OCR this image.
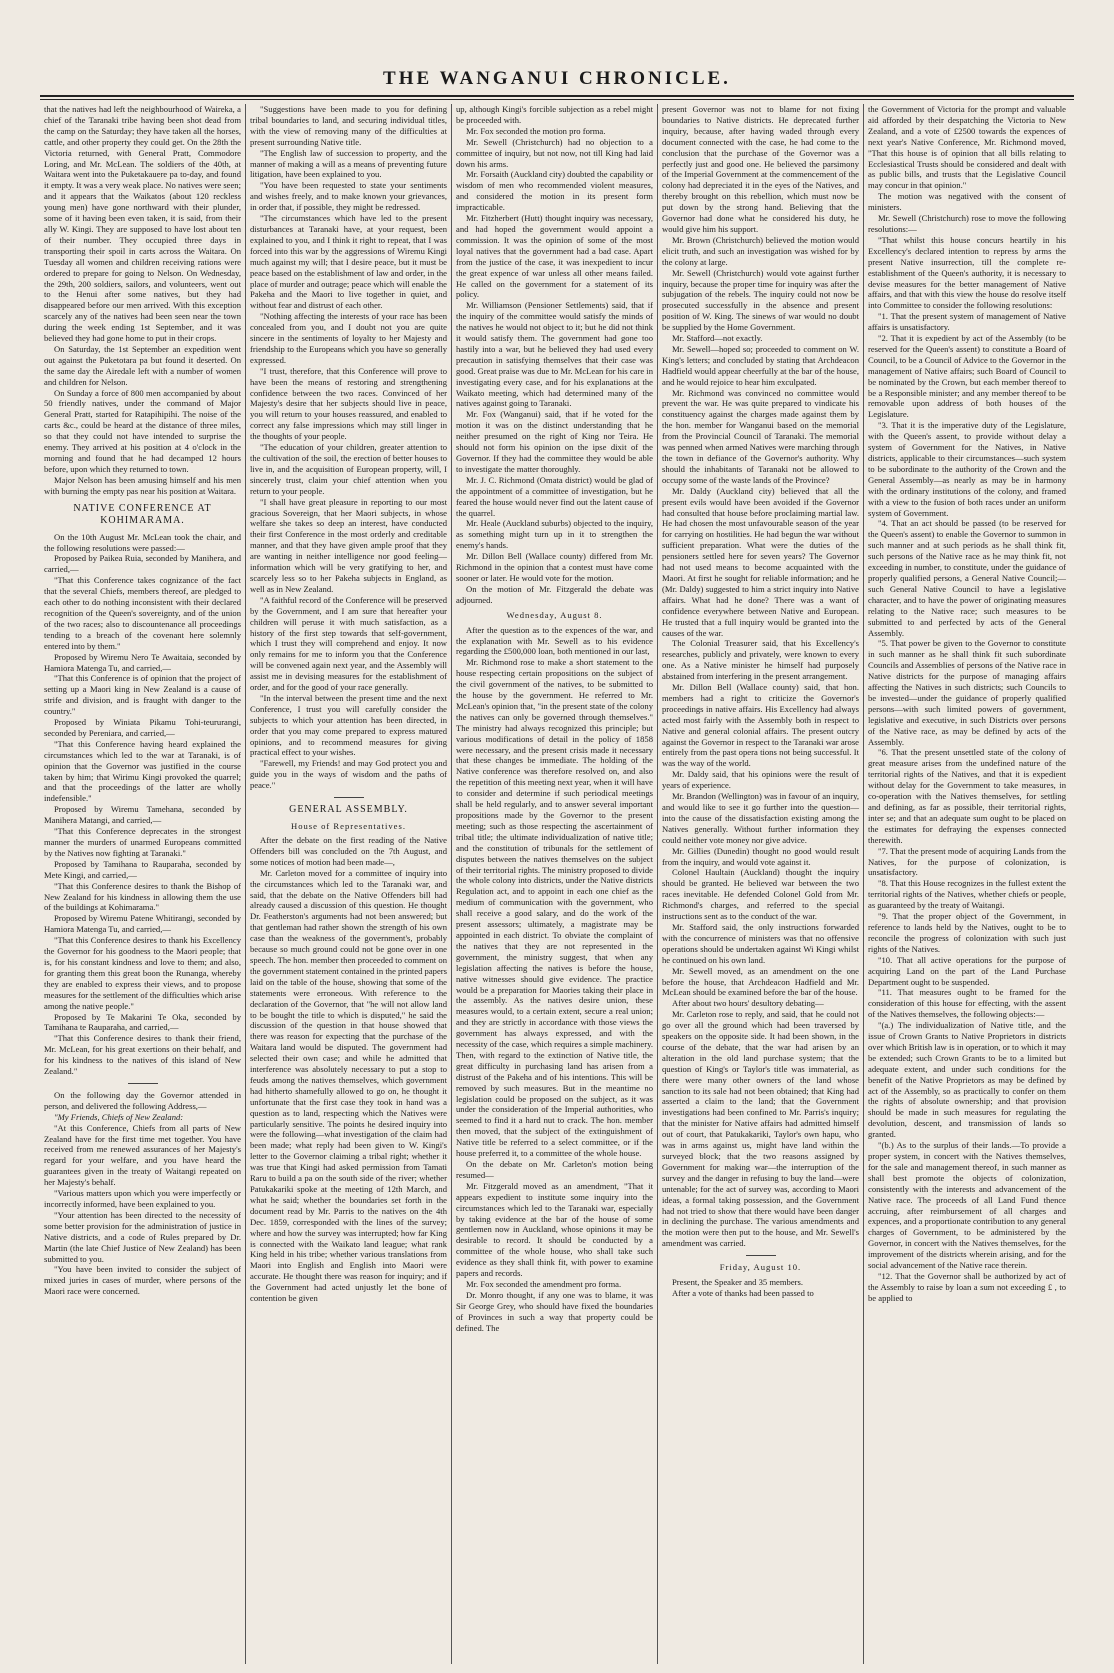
THE WANGANUI CHRONICLE.

that the natives had left the neighbourhood of Waireka, a chief of the Taranaki tribe having been shot dead from the camp on the Saturday; they have taken all the horses, cattle, and other property they could get. On the 28th the Victoria returned, with General Pratt, Commodore Loring, and Mr. McLean. The soldiers of the 40th, at Waitara went into the Puketakauere pa to-day, and found it empty. It was a very weak place. No natives were seen; and it appears that the Waikatos (about 120 reckless young men) have gone northward with their plunder, some of it having been even taken, it is said, from their ally W. Kingi. They are supposed to have lost about ten of their number. They occupied three days in transporting their spoil in carts across the Waitara. On Tuesday all women and children receiving rations were ordered to prepare for going to Nelson. On Wednesday, the 29th, 200 soldiers, sailors, and volunteers, went out to the Henui after some natives, but they had disappeared before our men arrived. With this exception scarcely any of the natives had been seen near the town during the week ending 1st September, and it was believed they had gone home to put in their crops.

On Saturday, the 1st September an expedition went out against the Puketotara pa but found it deserted. On the same day the Airedale left with a number of women and children for Nelson.

On Sunday a force of 800 men accompanied by about 50 friendly natives, under the command of Major General Pratt, started for Ratapihipihi. The noise of the carts &c., could be heard at the distance of three miles, so that they could not have intended to surprise the enemy. They arrived at his position at 4 o'clock in the morning and found that he had decamped 12 hours before, upon which they returned to town.

Major Nelson has been amusing himself and his men with burning the empty pas near his position at Waitara.

NATIVE CONFERENCE AT KOHIMARAMA.

On the 10th August Mr. McLean took the chair, and the following resolutions were passed:—

Proposed by Paikea Ruia, seconded by Manihera, and carried,—

"That this Conference takes cognizance of the fact that the several Chiefs, members thereof, are pledged to each other to do nothing inconsistent with their declared recognition of the Queen's sovereignty, and of the union of the two races; also to discountenance all proceedings tending to a breach of the covenant here solemnly entered into by them."

Proposed by Wiremu Nero Te Awaitaia, seconded by Hamiora Matenga Tu, and carried,—

"That this Conference is of opinion that the project of setting up a Maori king in New Zealand is a cause of strife and division, and is fraught with danger to the country."

Proposed by Winiata Pikamu Tohi-teururangi, seconded by Pereniara, and carried,—

"That this Conference having heard explained the circumstances which led to the war at Taranaki, is of opinion that the Governor was justified in the course taken by him; that Wirimu Kingi provoked the quarrel; and that the proceedings of the latter are wholly indefensible."

Proposed by Wiremu Tamehana, seconded by Manihera Matangi, and carried,—

"That this Conference deprecates in the strongest manner the murders of unarmed Europeans committed by the Natives now fighting at Taranaki."

Proposed by Tamihana to Rauparaha, seconded by Mete Kingi, and carried,—

"That this Conference desires to thank the Bishop of New Zealand for his kindness in allowing them the use of the buildings at Kohimarama."

Proposed by Wiremu Patene Whitirangi, seconded by Hamiora Matenga Tu, and carried,—

"That this Conference desires to thank his Excellency the Governor for his goodness to the Maori people; that is, for his constant kindness and love to them; and also, for granting them this great boon the Runanga, whereby they are enabled to express their views, and to propose measures for the settlement of the difficulties which arise among the native people."

Proposed by Te Makarini Te Oka, seconded by Tamihana te Rauparaha, and carried,—

"That this Conference desires to thank their friend, Mr. McLean, for his great exertions on their behalf, and for his kindness to the natives of this island of New Zealand."

On the following day the Governor attended in person, and delivered the following Address,—

"My Friends, Chiefs of New Zealand:

"At this Conference, Chiefs from all parts of New Zealand have for the first time met together. You have received from me renewed assurances of her Majesty's regard for your welfare, and you have heard the guarantees given in the treaty of Waitangi repeated on her Majesty's behalf.

"Various matters upon which you were imperfectly or incorrectly informed, have been explained to you.

"Your attention has been directed to the necessity of some better provision for the administration of justice in Native districts, and a code of Rules prepared by Dr. Martin (the late Chief Justice of New Zealand) has been submitted to you.

"You have been invited to consider the subject of mixed juries in cases of murder, where persons of the Maori race were concerned.

"Suggestions have been made to you for defining tribal boundaries to land, and securing individual titles, with the view of removing many of the difficulties at present surrounding Native title.

"The English law of succession to property, and the manner of making a will as a means of preventing future litigation, have been explained to you.

"You have been requested to state your sentiments and wishes freely, and to make known your grievances, in order that, if possible, they might be redressed.

"The circumstances which have led to the present disturbances at Taranaki have, at your request, been explained to you, and I think it right to repeat, that I was forced into this war by the aggressions of Wiremu Kingi much against my will; that I desire peace, but it must be peace based on the establishment of law and order, in the place of murder and outrage; peace which will enable the Pakeha and the Maori to live together in quiet, and without fear and distrust of each other.

"Nothing affecting the interests of your race has been concealed from you, and I doubt not you are quite sincere in the sentiments of loyalty to her Majesty and friendship to the Europeans which you have so generally expressed.

"I trust, therefore, that this Conference will prove to have been the means of restoring and strengthening confidence between the two races. Convinced of her Majesty's desire that her subjects should live in peace, you will return to your houses reassured, and enabled to correct any false impressions which may still linger in the thoughts of your people.

"The education of your children, greater attention to the cultivation of the soil, the erection of better houses to live in, and the acquisition of European property, will, I sincerely trust, claim your chief attention when you return to your people.

"I shall have great pleasure in reporting to our most gracious Sovereign, that her Maori subjects, in whose welfare she takes so deep an interest, have conducted their first Conference in the most orderly and creditable manner, and that they have given ample proof that they are wanting in neither intelligence nor good feeling—information which will be very gratifying to her, and scarcely less so to her Pakeha subjects in England, as well as in New Zealand.

"A faithful record of the Conference will be preserved by the Government, and I am sure that hereafter your children will peruse it with much satisfaction, as a history of the first step towards that self-government, which I trust they will comprehend and enjoy. It now only remains for me to inform you that the Conference will be convened again next year, and the Assembly will assist me in devising measures for the establishment of order, and for the good of your race generally.

"In the interval between the present time and the next Conference, I trust you will carefully consider the subjects to which your attention has been directed, in order that you may come prepared to express matured opinions, and to recommend measures for giving practical effect to your wishes.

"Farewell, my Friends! and may God protect you and guide you in the ways of wisdom and the paths of peace."

GENERAL ASSEMBLY.
House of Representatives.

After the debate on the first reading of the Native Offenders bill was concluded on the 7th August, and some notices of motion had been made—,

Mr. Carleton moved for a committee of inquiry into the circumstances which led to the Taranaki war, and said, that the debate on the Native Offenders bill had already caused a discussion of this question. He thought Dr. Featherston's arguments had not been answered; but that gentleman had rather shown the strength of his own case than the weakness of the government's, probably because so much ground could not be gone over in one speech. The hon. member then proceeded to comment on the government statement contained in the printed papers laid on the table of the house, showing that some of the statements were erroneous. With reference to the declaration of the Governor, that "he will not allow land to be bought the title to which is disputed," he said the discussion of the question in that house showed that there was reason for expecting that the purchase of the Waitara land would be disputed. The government had selected their own case; and while he admitted that interference was absolutely necessary to put a stop to feuds among the natives themselves, which government had hitherto shamefully allowed to go on, he thought it unfortunate that the first case they took in hand was a question as to land, respecting which the Natives were particularly sensitive. The points he desired inquiry into were the following—what investigation of the claim had been made; what reply had been given to W. Kingi's letter to the Governor claiming a tribal right; whether it was true that Kingi had asked permission from Tamati Raru to build a pa on the south side of the river; whether Patukakariki spoke at the meeting of 12th March, and what he said; whether the boundaries set forth in the document read by Mr. Parris to the natives on the 4th Dec. 1859, corresponded with the lines of the survey; where and how the survey was interrupted; how far King is connected with the Waikato land league; what rank King held in his tribe; whether various translations from Maori into English and English into Maori were accurate. He thought there was reason for inquiry; and if the Government had acted unjustly let the bone of contention be given

up, although Kingi's forcible subjection as a rebel might be proceeded with.

Mr. Fox seconded the motion pro forma.

Mr. Sewell (Christchurch) had no objection to a committee of inquiry, but not now, not till King had laid down his arms.

Mr. Forsaith (Auckland city) doubted the capability or wisdom of men who recommended violent measures, and considered the motion in its present form impracticable.

Mr. Fitzherbert (Hutt) thought inquiry was necessary, and had hoped the government would appoint a commission. It was the opinion of some of the most loyal natives that the government had a bad case. Apart from the justice of the case, it was inexpedient to incur the great expence of war unless all other means failed. He called on the government for a statement of its policy.

Mr. Williamson (Pensioner Settlements) said, that if the inquiry of the committee would satisfy the minds of the natives he would not object to it; but he did not think it would satisfy them. The government had gone too hastily into a war, but he believed they had used every precaution in satisfying themselves that their case was good. Great praise was due to Mr. McLean for his care in investigating every case, and for his explanations at the Waikato meeting, which had determined many of the natives against going to Taranaki.

Mr. Fox (Wanganui) said, that if he voted for the motion it was on the distinct understanding that he neither presumed on the right of King nor Teira. He should not form his opinion on the ipse dixit of the Governor. If they had the committee they would be able to investigate the matter thoroughly.

Mr. J. C. Richmond (Omata district) would be glad of the appointment of a committee of investigation, but he feared the house would never find out the latent cause of the quarrel.

Mr. Heale (Auckland suburbs) objected to the inquiry, as something might turn up in it to strengthen the enemy's hands.

Mr. Dillon Bell (Wallace county) differed from Mr. Richmond in the opinion that a contest must have come sooner or later. He would vote for the motion.

On the motion of Mr. Fitzgerald the debate was adjourned.

Wednesday, August 8.

After the question as to the expences of the war, and the explanation with Mr. Sewell as to his evidence regarding the £500,000 loan, both mentioned in our last,

Mr. Richmond rose to make a short statement to the house respecting certain propositions on the subject of the civil government of the natives, to be submitted to the house by the government. He referred to Mr. McLean's opinion that, "in the present state of the colony the natives can only be governed through themselves." The ministry had always recognized this principle; but various modifications of detail in the policy of 1858 were necessary, and the present crisis made it necessary that these changes be immediate. The holding of the Native conference was therefore resolved on, and also the repetition of this meeting next year, when it will have to consider and determine if such periodical meetings shall be held regularly, and to answer several important propositions made by the Governor to the present meeting; such as those respecting the ascertainment of tribal title; the ultimate individualization of native title; and the constitution of tribunals for the settlement of disputes between the natives themselves on the subject of their territorial rights. The ministry proposed to divide the whole colony into districts, under the Native districts Regulation act, and to appoint in each one chief as the medium of communication with the government, who shall receive a good salary, and do the work of the present assessors; ultimately, a magistrate may be appointed in each district. To obviate the complaint of the natives that they are not represented in the government, the ministry suggest, that when any legislation affecting the natives is before the house, native witnesses should give evidence. The practice would be a preparation for Maories taking their place in the assembly. As the natives desire union, these measures would, to a certain extent, secure a real union; and they are strictly in accordance with those views the government has always expressed, and with the necessity of the case, which requires a simple machinery. Then, with regard to the extinction of Native title, the great difficulty in purchasing land has arisen from a distrust of the Pakeha and of his intentions. This will be removed by such measures. But in the meantime no legislation could be proposed on the subject, as it was under the consideration of the Imperial authorities, who seemed to find it a hard nut to crack. The hon. member then moved, that the subject of the extinguishment of Native title be referred to a select committee, or if the house preferred it, to a committee of the whole house.

On the debate on Mr. Carleton's motion being resumed—

Mr. Fitzgerald moved as an amendment, "That it appears expedient to institute some inquiry into the circumstances which led to the Taranaki war, especially by taking evidence at the bar of the house of some gentlemen now in Auckland, whose opinions it may be desirable to record. It should be conducted by a committee of the whole house, who shall take such evidence as they shall think fit, with power to examine papers and records.

Mr. Fox seconded the amendment pro forma.

Dr. Monro thought, if any one was to blame, it was Sir George Grey, who should have fixed the boundaries of Provinces in such a way that property could be defined. The

present Governor was not to blame for not fixing boundaries to Native districts. He deprecated further inquiry, because, after having waded through every document connected with the case, he had come to the conclusion that the purchase of the Governor was a perfectly just and good one. He believed the parsimony of the Imperial Government at the commencement of the colony had depreciated it in the eyes of the Natives, and thereby brought on this rebellion, which must now be put down by the strong hand. Believing that the Governor had done what he considered his duty, he would give him his support.

Mr. Brown (Christchurch) believed the motion would elicit truth, and such an investigation was wished for by the colony at large.

Mr. Sewell (Christchurch) would vote against further inquiry, because the proper time for inquiry was after the subjugation of the rebels. The inquiry could not now be prosecuted successfully in the absence and present position of W. King. The sinews of war would no doubt be supplied by the Home Government.

Mr. Stafford—not exactly.

Mr. Sewell—hoped so; proceeded to comment on W. King's letters; and concluded by stating that Archdeacon Hadfield would appear cheerfully at the bar of the house, and he would rejoice to hear him exculpated.

Mr. Richmond was convinced no committee would prevent the war. He was quite prepared to vindicate his constituency against the charges made against them by the hon. member for Wanganui based on the memorial from the Provincial Council of Taranaki. The memorial was penned when armed Natives were marching through the town in defiance of the Governor's authority. Why should the inhabitants of Taranaki not be allowed to occupy some of the waste lands of the Province?

Mr. Daldy (Auckland city) believed that all the present evils would have been avoided if the Governor had consulted that house before proclaiming martial law. He had chosen the most unfavourable season of the year for carrying on hostilities. He had begun the war without sufficient preparation. What were the duties of the pensioners settled here for seven years? The Governor had not used means to become acquainted with the Maori. At first he sought for reliable information; and he (Mr. Daldy) suggested to him a strict inquiry into Native affairs. What had he done? There was a want of confidence everywhere between Native and European. He trusted that a full inquiry would be granted into the causes of the war.

The Colonial Treasurer said, that his Excellency's researches, publicly and privately, were known to every one. As a Native minister he himself had purposely abstained from interfering in the present arrangement.

Mr. Dillon Bell (Wallace county) said, that hon. members had a right to criticize the Governor's proceedings in native affairs. His Excellency had always acted most fairly with the Assembly both in respect to Native and general colonial affairs. The present outcry against the Governor in respect to the Taranaki war arose entirely from the past opera tions not being successful. It was the way of the world.

Mr. Daldy said, that his opinions were the result of years of experience.

Mr. Brandon (Wellington) was in favour of an inquiry, and would like to see it go further into the question—into the cause of the dissatisfaction existing among the Natives generally. Without further information they could neither vote money nor give advice.

Mr. Gillies (Dunedin) thought no good would result from the inquiry, and would vote against it.

Colonel Haultain (Auckland) thought the inquiry should be granted. He believed war between the two races inevitable. He defended Colonel Gold from Mr. Richmond's charges, and referred to the special instructions sent as to the conduct of the war.

Mr. Stafford said, the only instructions forwarded with the concurrence of ministers was that no offensive operations should be undertaken against Wi Kingi whilst he continued on his own land.

Mr. Sewell moved, as an amendment on the one before the house, that Archdeacon Hadfield and Mr. McLean should be examined before the bar of the house.

After about two hours' desultory debating—

Mr. Carleton rose to reply, and said, that he could not go over all the ground which had been traversed by speakers on the opposite side. It had been shown, in the course of the debate, that the war had arisen by an alteration in the old land purchase system; that the question of King's or Taylor's title was immaterial, as there were many other owners of the land whose sanction to its sale had not been obtained; that King had asserted a claim to the land; that the Government investigations had been confined to Mr. Parris's inquiry; that the minister for Native affairs had admitted himself out of court, that Patukakariki, Taylor's own hapu, who was in arms against us, might have land within the surveyed block; that the two reasons assigned by Government for making war—the interruption of the survey and the danger in refusing to buy the land—were untenable; for the act of survey was, according to Maori ideas, a formal taking possession, and the Government had not tried to show that there would have been danger in declining the purchase. The various amendments and the motion were then put to the house, and Mr. Sewell's amendment was carried.

Friday, August 10.

Present, the Speaker and 35 members.

After a vote of thanks had been passed to

the Government of Victoria for the prompt and valuable aid afforded by their despatching the Victoria to New Zealand, and a vote of £2500 towards the expences of next year's Native Conference, Mr. Richmond moved, "That this house is of opinion that all bills relating to Ecclesiastical Trusts should be considered and dealt with as public bills, and trusts that the Legislative Council may concur in that opinion."

The motion was negatived with the consent of ministers.

Mr. Sewell (Christchurch) rose to move the following resolutions:—

"That whilst this house concurs heartily in his Excellency's declared intention to repress by arms the present Native insurrection, till the complete re-establishment of the Queen's authority, it is necessary to devise measures for the better management of Native affairs, and that with this view the house do resolve itself into Committee to consider the following resolutions:

"1. That the present system of management of Native affairs is unsatisfactory.

"2. That it is expedient by act of the Assembly (to be reserved for the Queen's assent) to constitute a Board of Council, to be a Council of Advice to the Governor in the management of Native affairs; such Board of Council to be nominated by the Crown, but each member thereof to be a Responsible minister; and any member thereof to be removable upon address of both houses of the Legislature.

"3. That it is the imperative duty of the Legislature, with the Queen's assent, to provide without delay a system of Government for the Natives, in Native districts, applicable to their circumstances—such system to be subordinate to the authority of the Crown and the General Assembly—as nearly as may be in harmony with the ordinary institutions of the colony, and framed with a view to the fusion of both races under an uniform system of Government.

"4. That an act should be passed (to be reserved for the Queen's assent) to enable the Governor to summon in such manner and at such periods as he shall think fit, such persons of the Native race as he may think fit, not exceeding in number, to constitute, under the guidance of properly qualified persons, a General Native Council;—such General Native Council to have a legislative character, and to have the power of originating measures relating to the Native race; such measures to be submitted to and perfected by acts of the General Assembly.

"5. That power be given to the Governor to constitute in such manner as he shall think fit such subordinate Councils and Assemblies of persons of the Native race in Native districts for the purpose of managing affairs affecting the Natives in such districts; such Councils to be invested—under the guidance of properly qualified persons—with such limited powers of government, legislative and executive, in such Districts over persons of the Native race, as may be defined by acts of the Assembly.

"6. That the present unsettled state of the colony of great measure arises from the undefined nature of the territorial rights of the Natives, and that it is expedient without delay for the Government to take measures, in co-operation with the Natives themselves, for settling and defining, as far as possible, their territorial rights, inter se; and that an adequate sum ought to be placed on the estimates for defraying the expenses connected therewith.

"7. That the present mode of acquiring Lands from the Natives, for the purpose of colonization, is unsatisfactory.

"8. That this House recognizes in the fullest extent the territorial rights of the Natives, whether chiefs or people, as guaranteed by the treaty of Waitangi.

"9. That the proper object of the Government, in reference to lands held by the Natives, ought to be to reconcile the progress of colonization with such just rights of the Natives.

"10. That all active operations for the purpose of acquiring Land on the part of the Land Purchase Department ought to be suspended.

"11. That measures ought to be framed for the consideration of this house for effecting, with the assent of the Natives themselves, the following objects:—

"(a.) The individualization of Native title, and the issue of Crown Grants to Native Proprietors in districts over which British law is in operation, or to which it may be extended; such Crown Grants to be to a limited but adequate extent, and under such conditions for the benefit of the Native Proprietors as may be defined by act of the Assembly, so as practically to confer on them the rights of absolute ownership; and that provision should be made in such measures for regulating the devolution, descent, and transmission of lands so granted.

"(b.) As to the surplus of their lands.—To provide a proper system, in concert with the Natives themselves, for the sale and management thereof, in such manner as shall best promote the objects of colonization, consistently with the interests and advancement of the Native race. The proceeds of all Land Fund thence accruing, after reimbursement of all charges and expences, and a proportionate contribution to any general charges of Government, to be administered by the Governor, in concert with the Natives themselves, for the improvement of the districts wherein arising, and for the social advancement of the Native race therein.

"12. That the Governor shall be authorized by act of the Assembly to raise by loan a sum not exceeding £ , to be applied to
